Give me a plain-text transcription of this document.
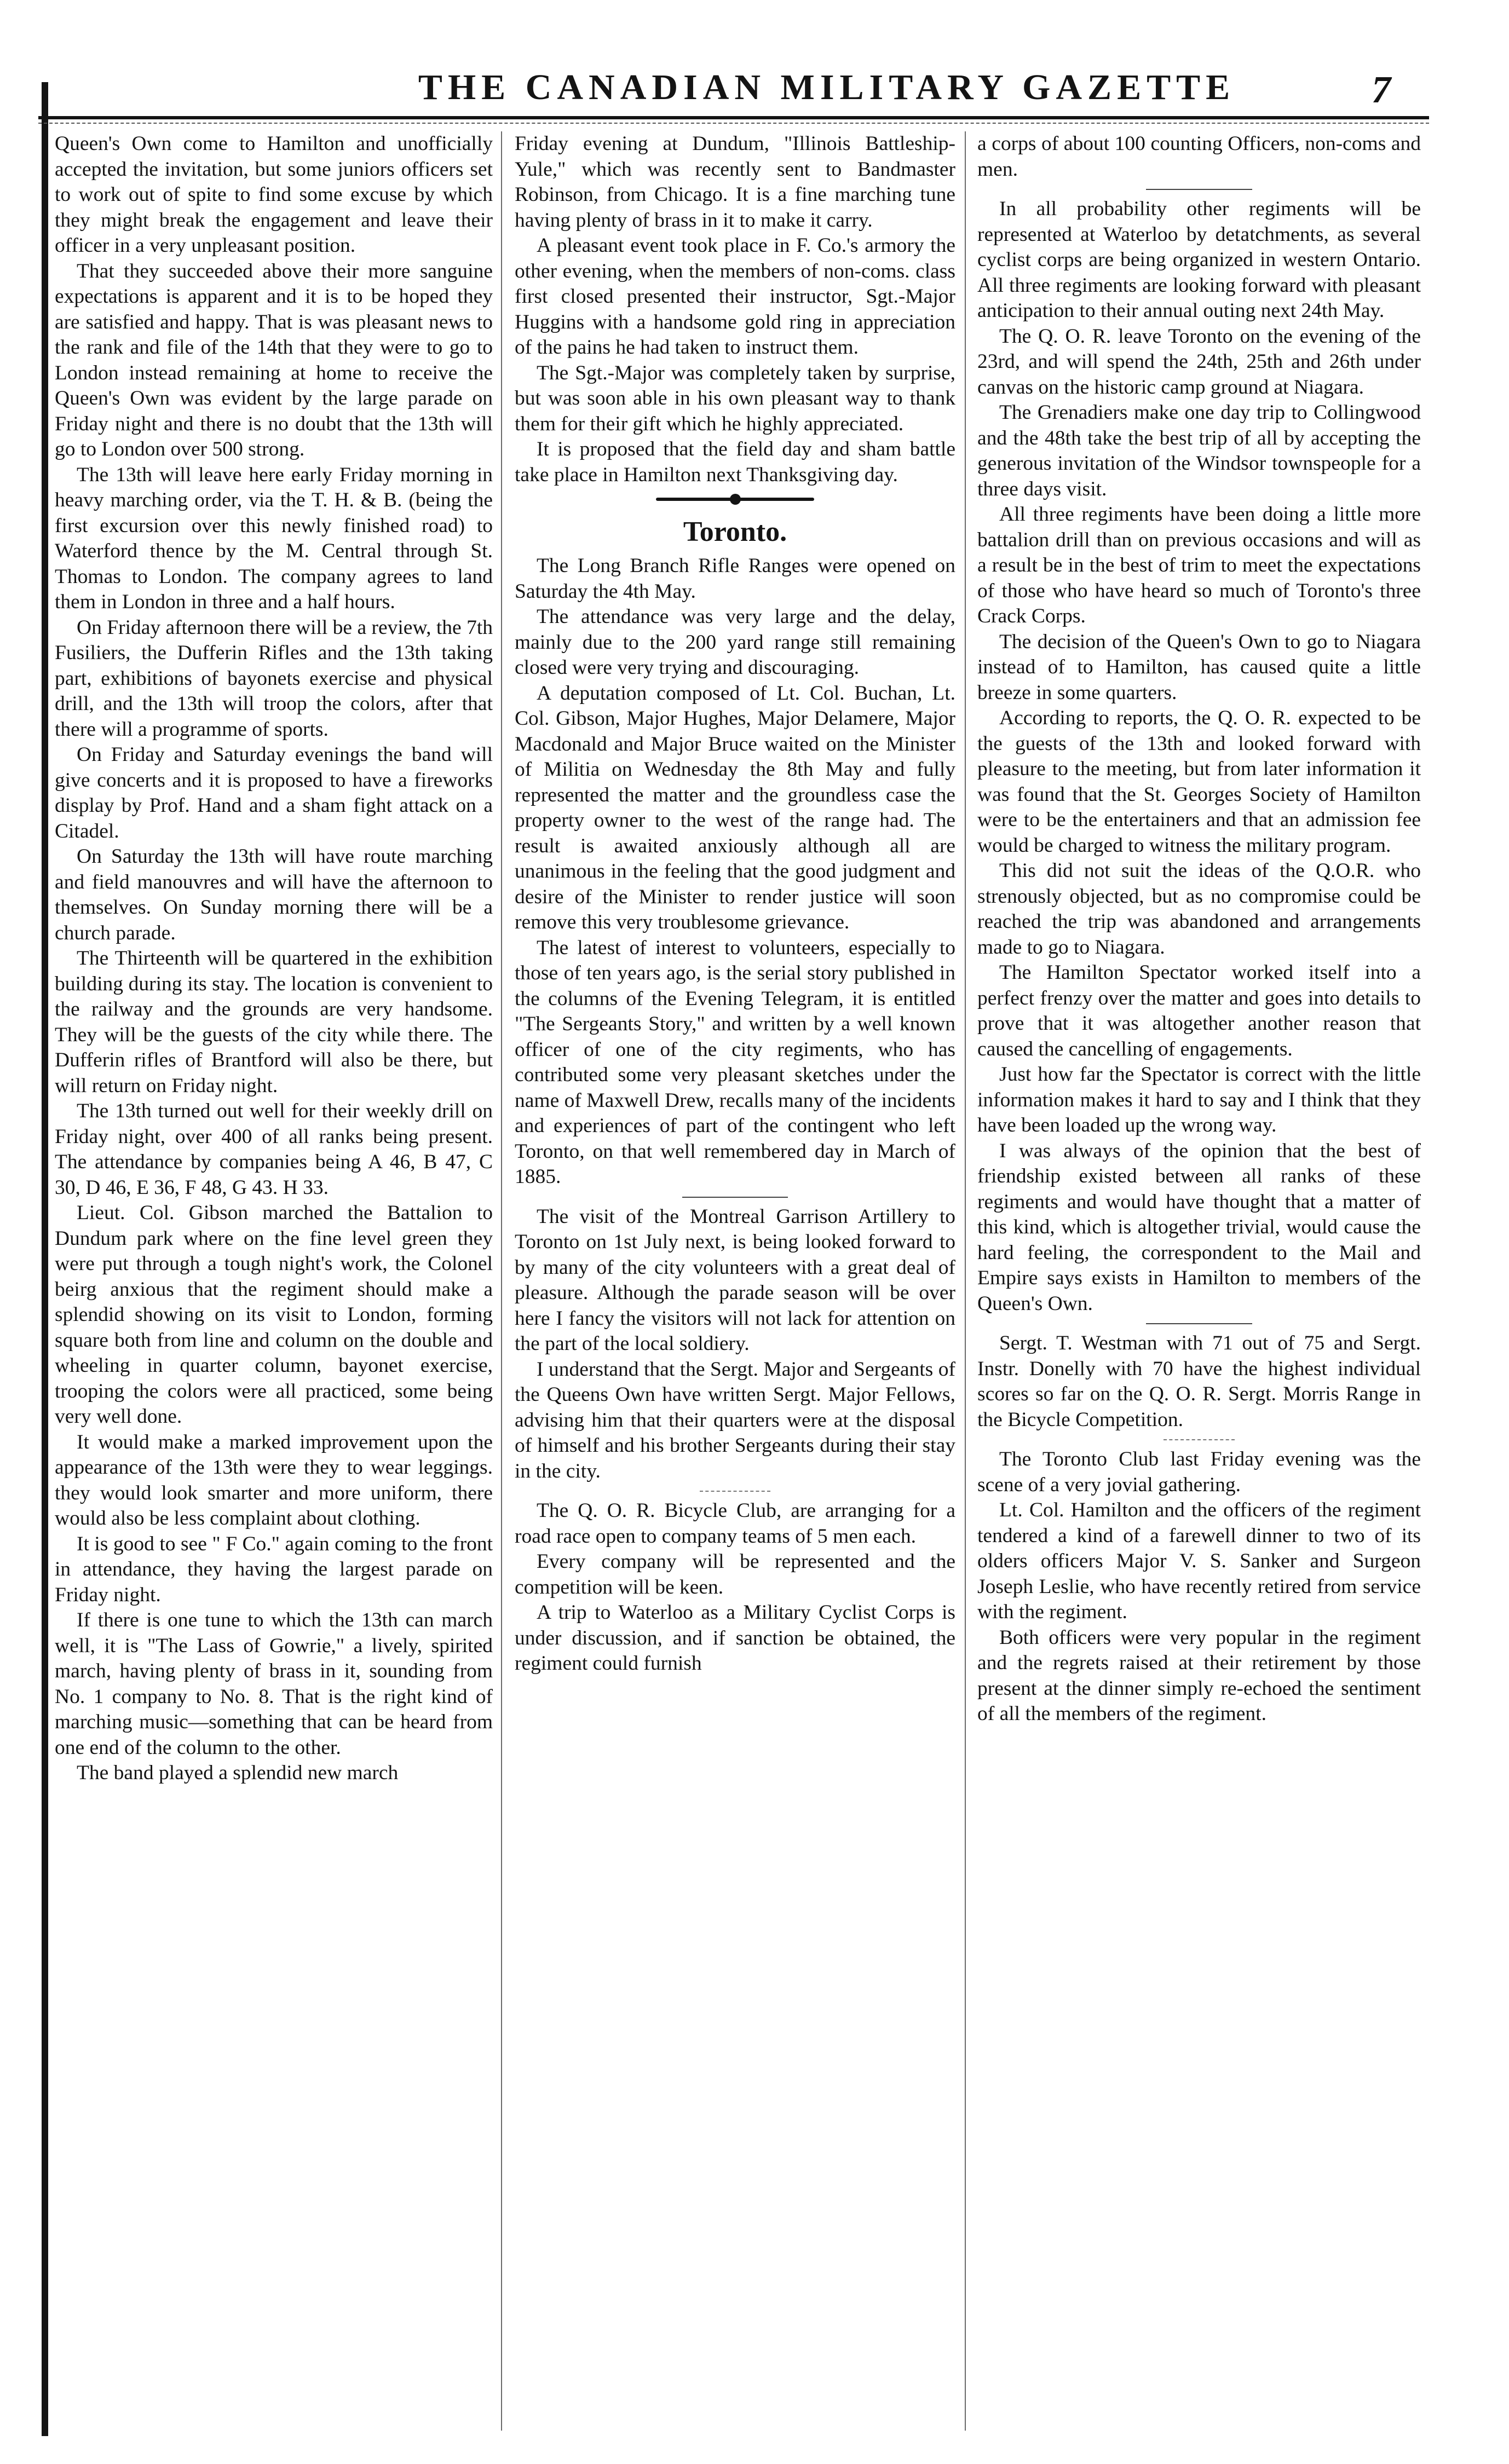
THE CANADIAN MILITARY GAZETTE	7

Queen's Own come to Hamilton and unofficially accepted the invitation, but some juniors officers set to work out of spite to find some excuse by which they might break the engagement and leave their officer in a very unpleasant position.

That they succeeded above their more sanguine expectations is apparent and it is to be hoped they are satisfied and happy. That is was pleasant news to the rank and file of the 14th that they were to go to London instead remaining at home to receive the Queen's Own was evident by the large parade on Friday night and there is no doubt that the 13th will go to London over 500 strong.

The 13th will leave here early Friday morning in heavy marching order, via the T. H. & B. (being the first excursion over this newly finished road) to Waterford thence by the M. Central through St. Thomas to London. The company agrees to land them in London in three and a half hours.

On Friday afternoon there will be a review, the 7th Fusiliers, the Dufferin Rifles and the 13th taking part, exhibitions of bayonets exercise and physical drill, and the 13th will troop the colors, after that there will a programme of sports.

On Friday and Saturday evenings the band will give concerts and it is proposed to have a fireworks display by Prof. Hand and a sham fight attack on a Citadel.

On Saturday the 13th will have route marching and field manouvres and will have the afternoon to themselves. On Sunday morning there will be a church parade.

The Thirteenth will be quartered in the exhibition building during its stay. The location is convenient to the railway and the grounds are very handsome. They will be the guests of the city while there. The Dufferin rifles of Brantford will also be there, but will return on Friday night.

The 13th turned out well for their weekly drill on Friday night, over 400 of all ranks being present. The attendance by companies being A 46, B 47, C 30, D 46, E 36, F 48, G 43. H 33.

Lieut. Col. Gibson marched the Battalion to Dundum park where on the fine level green they were put through a tough night's work, the Colonel beirg anxious that the regiment should make a splendid showing on its visit to London, forming square both from line and column on the double and wheeling in quarter column, bayonet exercise, trooping the colors were all practiced, some being very well done.

It would make a marked improvement upon the appearance of the 13th were they to wear leggings. they would look smarter and more uniform, there would also be less complaint about clothing.

It is good to see " F Co." again coming to the front in attendance, they having the largest parade on Friday night.

If there is one tune to which the 13th can march well, it is "The Lass of Gowrie," a lively, spirited march, having plenty of brass in it, sounding from No. 1 company to No. 8. That is the right kind of marching music—something that can be heard from one end of the column to the other.

The band played a splendid new march

Friday evening at Dundum, "Illinois Battleship-Yule," which was recently sent to Bandmaster Robinson, from Chicago. It is a fine marching tune having plenty of brass in it to make it carry.

A pleasant event took place in F. Co.'s armory the other evening, when the members of non-coms. class first closed presented their instructor, Sgt.-Major Huggins with a handsome gold ring in appreciation of the pains he had taken to instruct them.

The Sgt.-Major was completely taken by surprise, but was soon able in his own pleasant way to thank them for their gift which he highly appreciated.

It is proposed that the field day and sham battle take place in Hamilton next Thanksgiving day.

Toronto.

The Long Branch Rifle Ranges were opened on Saturday the 4th May.

The attendance was very large and the delay, mainly due to the 200 yard range still remaining closed were very trying and discouraging.

A deputation composed of Lt. Col. Buchan, Lt. Col. Gibson, Major Hughes, Major Delamere, Major Macdonald and Major Bruce waited on the Minister of Militia on Wednesday the 8th May and fully represented the matter and the groundless case the property owner to the west of the range had. The result is awaited anxiously although all are unanimous in the feeling that the good judgment and desire of the Minister to render justice will soon remove this very troublesome grievance.

The latest of interest to volunteers, especially to those of ten years ago, is the serial story published in the columns of the Evening Telegram, it is entitled "The Sergeants Story," and written by a well known officer of one of the city regiments, who has contributed some very pleasant sketches under the name of Maxwell Drew, recalls many of the incidents and experiences of part of the contingent who left Toronto, on that well remembered day in March of 1885.

The visit of the Montreal Garrison Artillery to Toronto on 1st July next, is being looked forward to by many of the city volunteers with a great deal of pleasure. Although the parade season will be over here I fancy the visitors will not lack for attention on the part of the local soldiery.

I understand that the Sergt. Major and Sergeants of the Queens Own have written Sergt. Major Fellows, advising him that their quarters were at the disposal of himself and his brother Sergeants during their stay in the city.

The Q. O. R. Bicycle Club, are arranging for a road race open to company teams of 5 men each.

Every company will be represented and the competition will be keen.

A trip to Waterloo as a Military Cyclist Corps is under discussion, and if sanction be obtained, the regiment could furnish

a corps of about 100 counting Officers, non-coms and men.

In all probability other regiments will be represented at Waterloo by detatchments, as several cyclist corps are being organized in western Ontario. All three regiments are looking forward with pleasant anticipation to their annual outing next 24th May.

The Q. O. R. leave Toronto on the evening of the 23rd, and will spend the 24th, 25th and 26th under canvas on the historic camp ground at Niagara.

The Grenadiers make one day trip to Collingwood and the 48th take the best trip of all by accepting the generous invitation of the Windsor townspeople for a three days visit.

All three regiments have been doing a little more battalion drill than on previous occasions and will as a result be in the best of trim to meet the expectations of those who have heard so much of Toronto's three Crack Corps.

The decision of the Queen's Own to go to Niagara instead of to Hamilton, has caused quite a little breeze in some quarters.

According to reports, the Q. O. R. expected to be the guests of the 13th and looked forward with pleasure to the meeting, but from later information it was found that the St. Georges Society of Hamilton were to be the entertainers and that an admission fee would be charged to witness the military program.

This did not suit the ideas of the Q.O.R. who strenously objected, but as no compromise could be reached the trip was abandoned and arrangements made to go to Niagara.

The Hamilton Spectator worked itself into a perfect frenzy over the matter and goes into details to prove that it was altogether another reason that caused the cancelling of engagements.

Just how far the Spectator is correct with the little information makes it hard to say and I think that they have been loaded up the wrong way.

I was always of the opinion that the best of friendship existed between all ranks of these regiments and would have thought that a matter of this kind, which is altogether trivial, would cause the hard feeling, the correspondent to the Mail and Empire says exists in Hamilton to members of the Queen's Own.

Sergt. T. Westman with 71 out of 75 and Sergt. Instr. Donelly with 70 have the highest individual scores so far on the Q. O. R. Sergt. Morris Range in the Bicycle Competition.

The Toronto Club last Friday evening was the scene of a very jovial gathering.

Lt. Col. Hamilton and the officers of the regiment tendered a kind of a farewell dinner to two of its olders officers Major V. S. Sanker and Surgeon Joseph Leslie, who have recently retired from service with the regiment.

Both officers were very popular in the regiment and the regrets raised at their retirement by those present at the dinner simply re-echoed the sentiment of all the members of the regiment.
